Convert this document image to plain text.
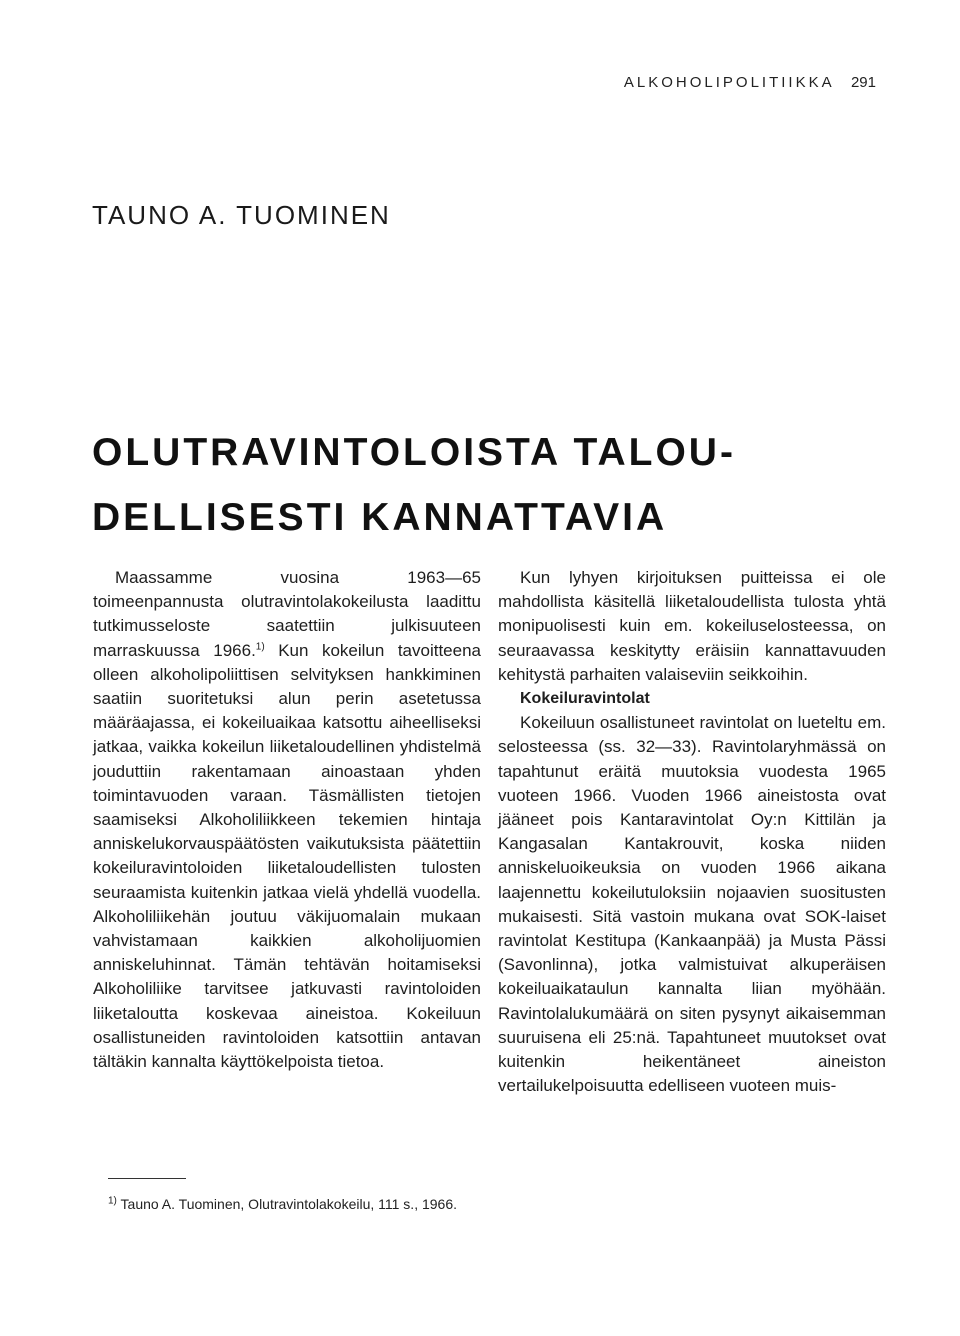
ALKOHOLIPOLITIIKKA 291
TAUNO A. TUOMINEN
OLUTRAVINTOLOISTA TALOU-
DELLISESTI KANNATTAVIA

Maassamme vuosina 1963—65 toimeenpannusta olutravintolakokeilusta laadittu tutkimusseloste saatettiin julkisuuteen marraskuussa 1966.$^{1)}$ Kun kokeilun tavoitteena olleen alkoholipoliittisen selvityksen hankkiminen saatiin suoritetuksi alun perin asetetussa määräajassa, ei kokeiluaikaa katsottu aiheelliseksi jatkaa, vaikka kokeilun liiketaloudellinen yhdistelmä jouduttiin rakentamaan ainoastaan yhden toimintavuoden varaan. Täsmällisten tietojen saamiseksi Alkoholiliikkeen tekemien hintaja anniskelukorvauspäätösten vaikutuksista päätettiin kokeiluravintoloiden liiketaloudellisten tulosten seuraamista kuitenkin jatkaa vielä yhdellä vuodella. Alkoholiliikehän joutuu väkijuomalain mukaan vahvistamaan kaikkien alkoholijuomien anniskeluhinnat. Tämän tehtävän hoitamiseksi Alkoholiliike tarvitsee jatkuvasti ravintoloiden liiketaloutta koskevaa aineistoa. Kokeiluun osallistuneiden ravintoloiden katsottiin antavan tältäkin kannalta käyttökelpoista tietoa.

Kun lyhyen kirjoituksen puitteissa ei ole mahdollista käsitellä liiketaloudellista tulosta yhtä monipuolisesti kuin em. kokeiluselosteessa, on seuraavassa keskitytty eräisiin kannattavuuden kehitystä parhaiten valaiseviin seikkoihin.

Kokeiluravintolat

Kokeiluun osallistuneet ravintolat on lueteltu em. selosteessa (ss. 32—33). Ravintolaryhmässä on tapahtunut eräitä muutoksia vuodesta 1965 vuoteen 1966. Vuoden 1966 aineistosta ovat jääneet pois Kantaravintolat Oy:n Kittilän ja Kangasalan Kantakrouvit, koska niiden anniskeluoikeuksia on vuoden 1966 aikana laajennettu kokeilutuloksiin nojaavien suositusten mukaisesti. Sitä vastoin mukana ovat SOK-laiset ravintolat Kestitupa (Kankaanpää) ja Musta Pässi (Savonlinna), jotka valmistuivat alkuperäisen kokeiluaikataulun kannalta liian myöhään. Ravintolalukumäärä on siten pysynyt aikaisemman suuruisena eli 25:nä. Tapahtuneet muutokset ovat kuitenkin heikentäneet aineiston vertailukelpoisuutta edelliseen vuoteen muis-

$^{1)}$ Tauno A. Tuominen, Olutravintolakokeilu, 111 s., 1966.
